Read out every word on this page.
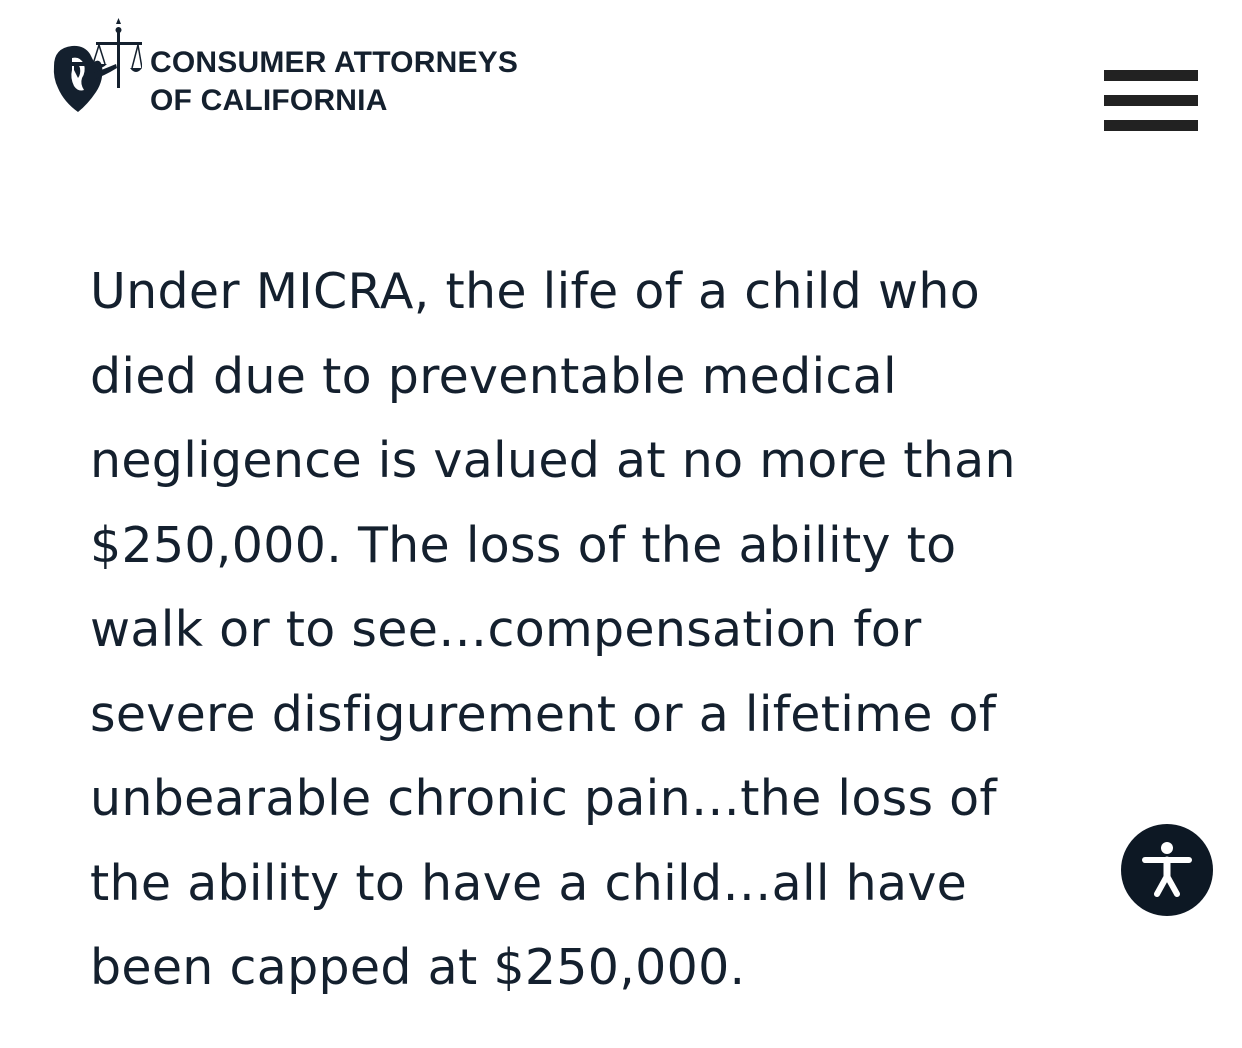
CONSUMER ATTORNEYS
OF CALIFORNIA

Under MICRA, the life of a child who
died due to preventable medical
negligence is valued at no more than
$250,000. The loss of the ability to
walk or to see…compensation for
severe disfigurement or a lifetime of
unbearable chronic pain…the loss of
the ability to have a child…all have
been capped at $250,000.
